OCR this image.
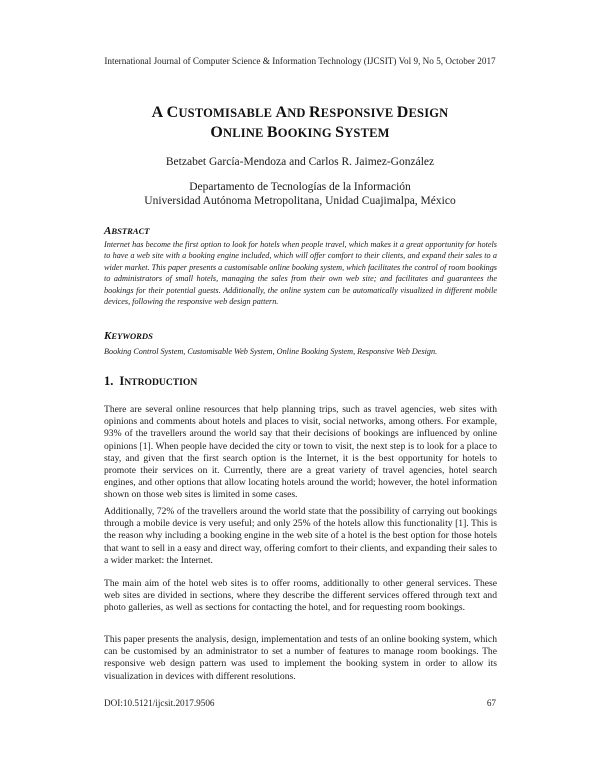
International Journal of Computer Science & Information Technology (IJCSIT) Vol 9, No 5, October 2017
A CUSTOMISABLE AND RESPONSIVE DESIGN
ONLINE BOOKING SYSTEM
Betzabet García-Mendoza and Carlos R. Jaimez-González
Departamento de Tecnologías de la Información
Universidad Autónoma Metropolitana, Unidad Cuajimalpa, México
ABSTRACT
Internet has become the first option to look for hotels when people travel, which makes it a great opportunity for hotels to have a web site with a booking engine included, which will offer comfort to their clients, and expand their sales to a wider market. This paper presents a customisable online booking system, which facilitates the control of room bookings to administrators of small hotels, managing the sales from their own web site; and facilitates and guarantees the bookings for their potential guests. Additionally, the online system can be automatically visualized in different mobile devices, following the responsive web design pattern.
KEYWORDS
Booking Control System, Customisable Web System, Online Booking System, Responsive Web Design.
1. INTRODUCTION
There are several online resources that help planning trips, such as travel agencies, web sites with opinions and comments about hotels and places to visit, social networks, among others. For example, 93% of the travellers around the world say that their decisions of bookings are influenced by online opinions [1]. When people have decided the city or town to visit, the next step is to look for a place to stay, and given that the first search option is the Internet, it is the best opportunity for hotels to promote their services on it. Currently, there are a great variety of travel agencies, hotel search engines, and other options that allow locating hotels around the world; however, the hotel information shown on those web sites is limited in some cases.
Additionally, 72% of the travellers around the world state that the possibility of carrying out bookings through a mobile device is very useful; and only 25% of the hotels allow this functionality [1]. This is the reason why including a booking engine in the web site of a hotel is the best option for those hotels that want to sell in a easy and direct way, offering comfort to their clients, and expanding their sales to a wider market: the Internet.
The main aim of the hotel web sites is to offer rooms, additionally to other general services. These web sites are divided in sections, where they describe the different services offered through text and photo galleries, as well as sections for contacting the hotel, and for requesting room bookings.
This paper presents the analysis, design, implementation and tests of an online booking system, which can be customised by an administrator to set a number of features to manage room bookings. The responsive web design pattern was used to implement the booking system in order to allow its visualization in devices with different resolutions.
DOI:10.5121/ijcsit.2017.9506	67
